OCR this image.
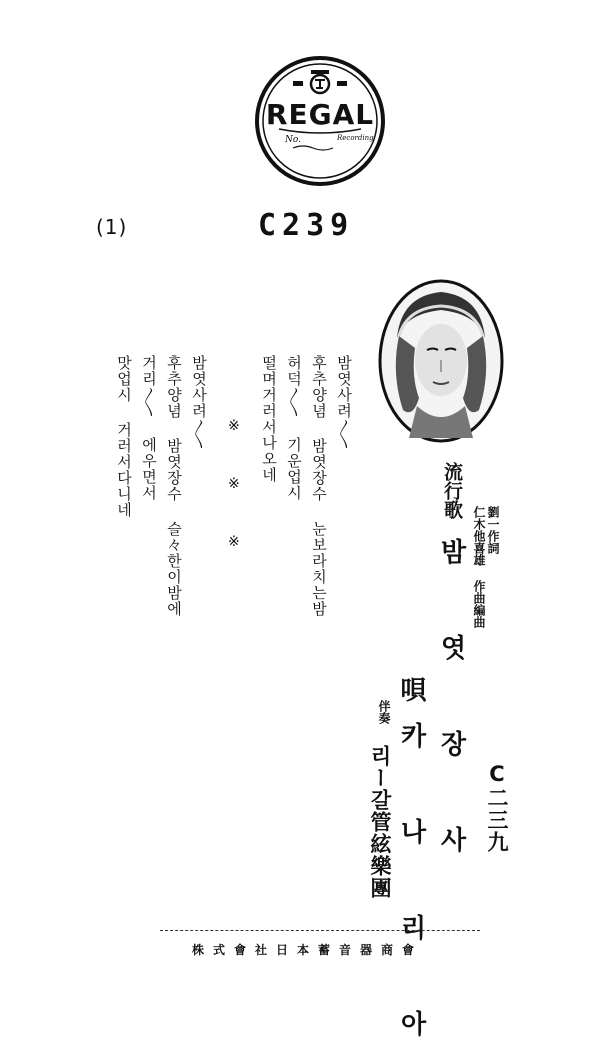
REGAL
No.	Recording
(1)	C239
C二三九
劉一作詞
仁木他喜雄 作曲編曲
流行歌
밤 엿 장 사
唄카 나 리 아
伴奏
리ー갈管絃樂團
밤엿사려〳〵
후추양념 밤엿장수 눈보라치는밤
허덕〳〵 기운업시
떨며거러서나오네
※
※
※
밤엿사려〳〵
후추양념 밤엿장수 슬々한이밤에
거리〳〵 에우면서
맛업시 거러서다니네
株式會社日本蓄音器商會
